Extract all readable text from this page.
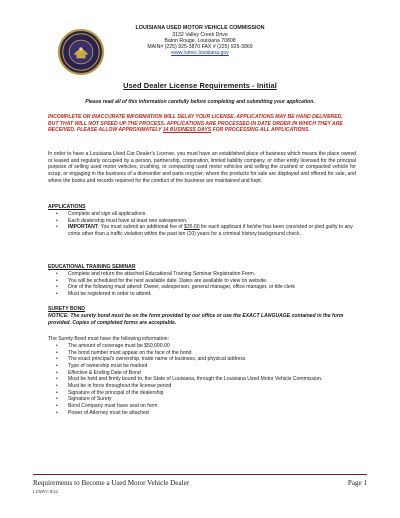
LOUISIANA USED MOTOR VEHICLE COMMISSION
3132 Valley Creek Drive
Baton Rouge, Louisiana 70808
MAIN# (225) 925-3870 FAX # (225) 925-3869
www.lumvc.louisiana.gov
Used Dealer License Requirements - Initial
Please read all of this information carefully before completing and submitting your application.
INCOMPLETE OR INACCURATE INFORMATION WILL DELAY YOUR LICENSE. APPLICATIONS MAY BE HAND DELIVERED, BUT THAT WILL NOT SPEED UP THE PROCESS. APPLICATIONS ARE PROCESSED IN DATE ORDER IN WHICH THEY ARE RECEIVED. PLEASE ALLOW APPROXIMATELY 14 BUSINESS DAYS FOR PROCESSING ALL APPLICATIONS.
In order to have a Louisiana Used Car Dealer’s License, you must have an established place of business which means the place owned or leased and regularly occupied by a person, partnership, corporation, limited liability company, or other entity licensed for the principal purpose of selling used motor vehicles, crushing, or compacting used motor vehicles and selling the crushed or compacted vehicle for scrap, or engaging in the business of a dismantler and parts recycler, where the products for sale are displayed and offered for sale, and where the books and records required for the conduct of the business are maintained and kept.
APPLICATIONS
• Complete and sign all applications.
• Each dealership must have at least one salesperson.
• IMPORTANT: You must submit an additional fee of $35.00 for each applicant if he/she has been convicted or pled guilty to any crime other than a traffic violation within the past ten (10) years for a criminal history background check.
EDUCATIONAL TRAINING SEMINAR
• Complete and return the attached Educational Training Seminar Registration Form.
• You will be scheduled for the next available date. Dates are available to view on website.
• One of the following must attend: Owner, salesperson, general manager, office manager, or title clerk
• Must be registered in order to attend.
SURETY BOND
NOTICE: The surety bond must be on the form provided by our office or use the EXACT LANGUAGE contained in the form provided. Copies of completed forms are acceptable.
The Surety Bond must have the following information:
• The amount of coverage must be $50,000.00
• The bond number must appear on the face of the bond
• The exact principal’s ownership, trade name of business, and physical address
• Type of ownership must be marked
• Effective & Ending Date of Bond
• Must be held and firmly bound to, the State of Louisiana, through the Louisiana Used Motor Vehicle Commission.
• Must be in force throughout the license period
• Signature of the principal of the dealership
• Signature of Surety
• Bond Company must have seal on form
• Power of Attorney must be attached
Requirements to Become a Used Motor Vehicle Dealer	Page 1
LUMVC 8/22
